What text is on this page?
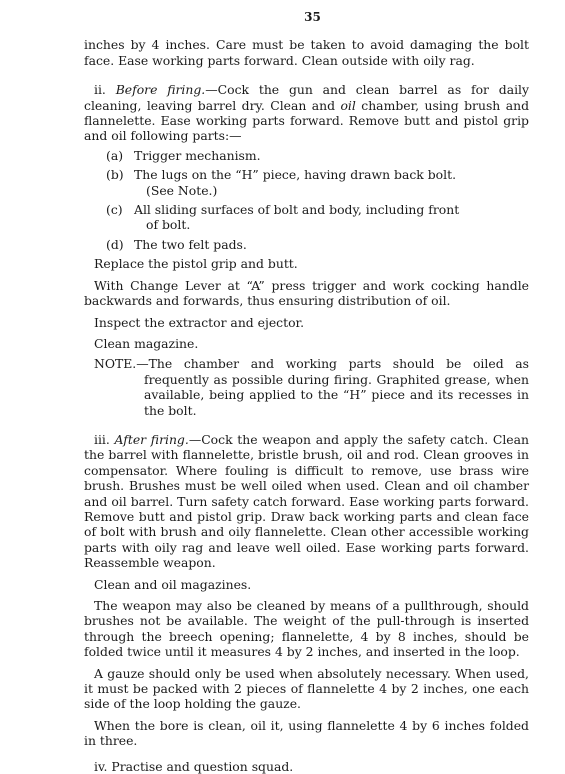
35

inches by 4 inches. Care must be taken to avoid damaging the bolt face. Ease working parts forward. Clean outside with oily rag.

ii. Before firing.—Cock the gun and clean barrel as for daily cleaning, leaving barrel dry. Clean and oil chamber, using brush and flannelette. Ease working parts forward. Remove butt and pistol grip and oil following parts:—

(a) Trigger mechanism.
(b) The lugs on the “H” piece, having drawn back bolt.
(See Note.)
(c) All sliding surfaces of bolt and body, including front
of bolt.
(d) The two felt pads.

Replace the pistol grip and butt.

With Change Lever at “A” press trigger and work cocking handle backwards and forwards, thus ensuring distribution of oil.

Inspect the extractor and ejector.

Clean magazine.

NOTE.—The chamber and working parts should be oiled as frequently as possible during firing. Graphited grease, when available, being applied to the “H” piece and its recesses in the bolt.

iii. After firing.—Cock the weapon and apply the safety catch. Clean the barrel with flannelette, bristle brush, oil and rod. Clean grooves in compensator. Where fouling is difficult to remove, use brass wire brush. Brushes must be well oiled when used. Clean and oil chamber and oil barrel. Turn safety catch forward. Ease working parts forward. Remove butt and pistol grip. Draw back working parts and clean face of bolt with brush and oily flannelette. Clean other accessible working parts with oily rag and leave well oiled. Ease working parts forward. Reassemble weapon.

Clean and oil magazines.

The weapon may also be cleaned by means of a pullthrough, should brushes not be available. The weight of the pull-through is inserted through the breech opening; flannelette, 4 by 8 inches, should be folded twice until it measures 4 by 2 inches, and inserted in the loop.

A gauze should only be used when absolutely necessary. When used, it must be packed with 2 pieces of flannelette 4 by 2 inches, one each side of the loop holding the gauze.

When the bore is clean, oil it, using flannelette 4 by 6 inches folded in three.

iv. Practise and question squad.
